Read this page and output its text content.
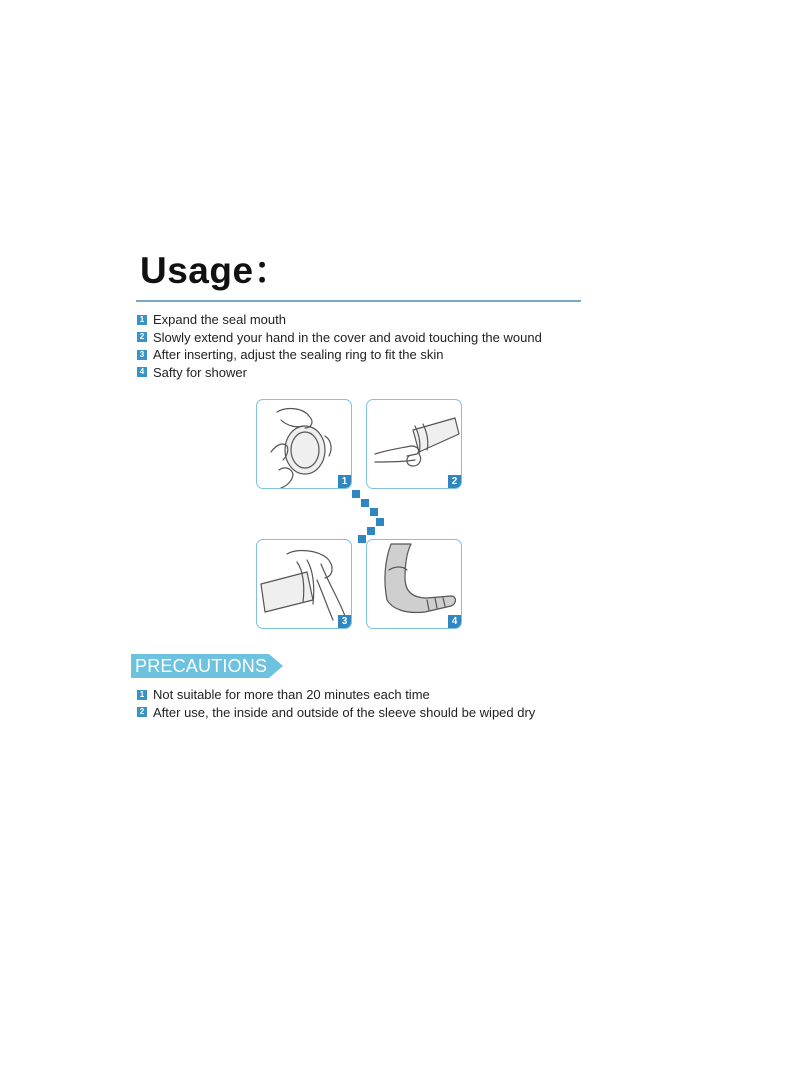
Usage：
1 Expand the seal mouth
2 Slowly extend your hand in the cover and avoid touching the wound
3 After inserting, adjust the sealing ring to fit the skin
4 Safty for shower
1	2
3	4
PRECAUTIONS
1 Not suitable for more than 20 minutes each time
2 After use, the inside and outside of the sleeve should be wiped dry
